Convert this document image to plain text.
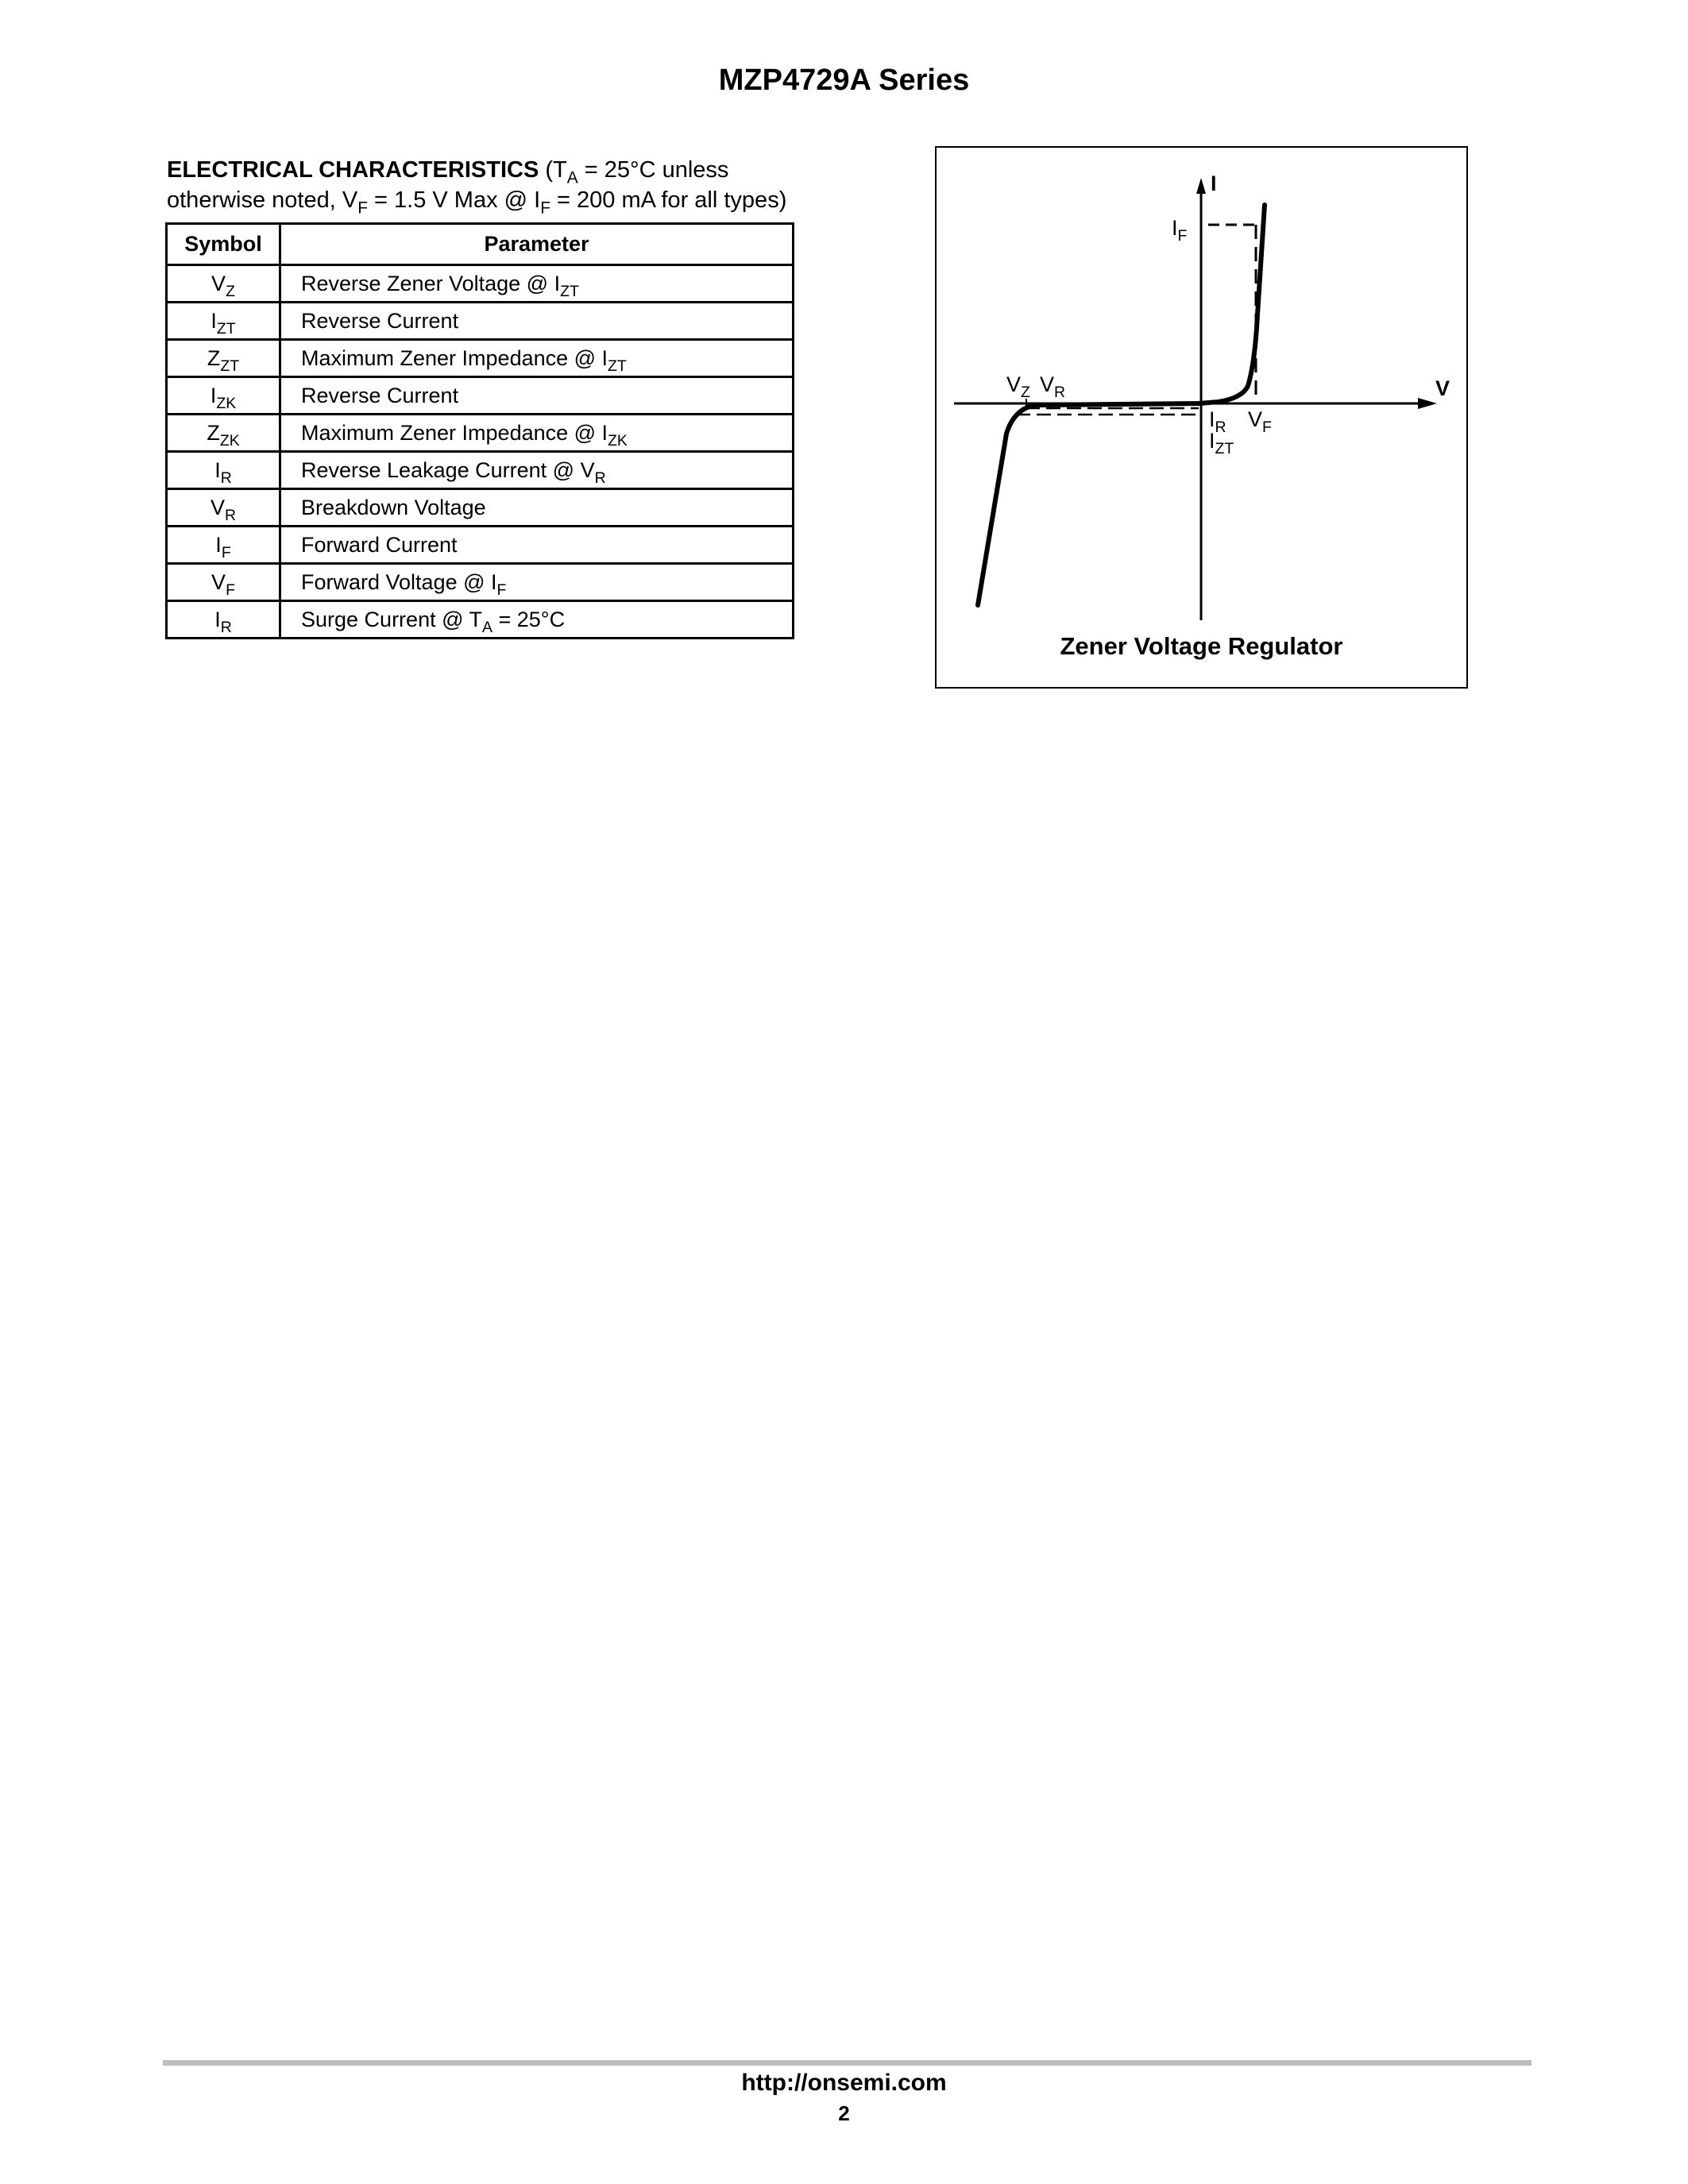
MZP4729A Series
ELECTRICAL CHARACTERISTICS ($T_A = 25^\circ C$ unless
otherwise noted, $V_F = 1.5$ V Max @ $I_F = 200$ mA for all types)
Symbol	Parameter
$V_Z$	Reverse Zener Voltage @ $I_{ZT}$
$I_{ZT}$	Reverse Current
$Z_{ZT}$	Maximum Zener Impedance @ $I_{ZT}$
$I_{ZK}$	Reverse Current
$Z_{ZK}$	Maximum Zener Impedance @ $I_{ZK}$
$I_R$	Reverse Leakage Current @ $V_R$
$V_R$	Breakdown Voltage
$I_F$	Forward Current
$V_F$	Forward Voltage @ $I_F$
$I_R$	Surge Current @ $T_A = 25^\circ C$
I
V
$I_F$
$V_Z$ $V_R$
$I_R$ $V_F$
$I_{ZT}$
Zener Voltage Regulator
http://onsemi.com
2
